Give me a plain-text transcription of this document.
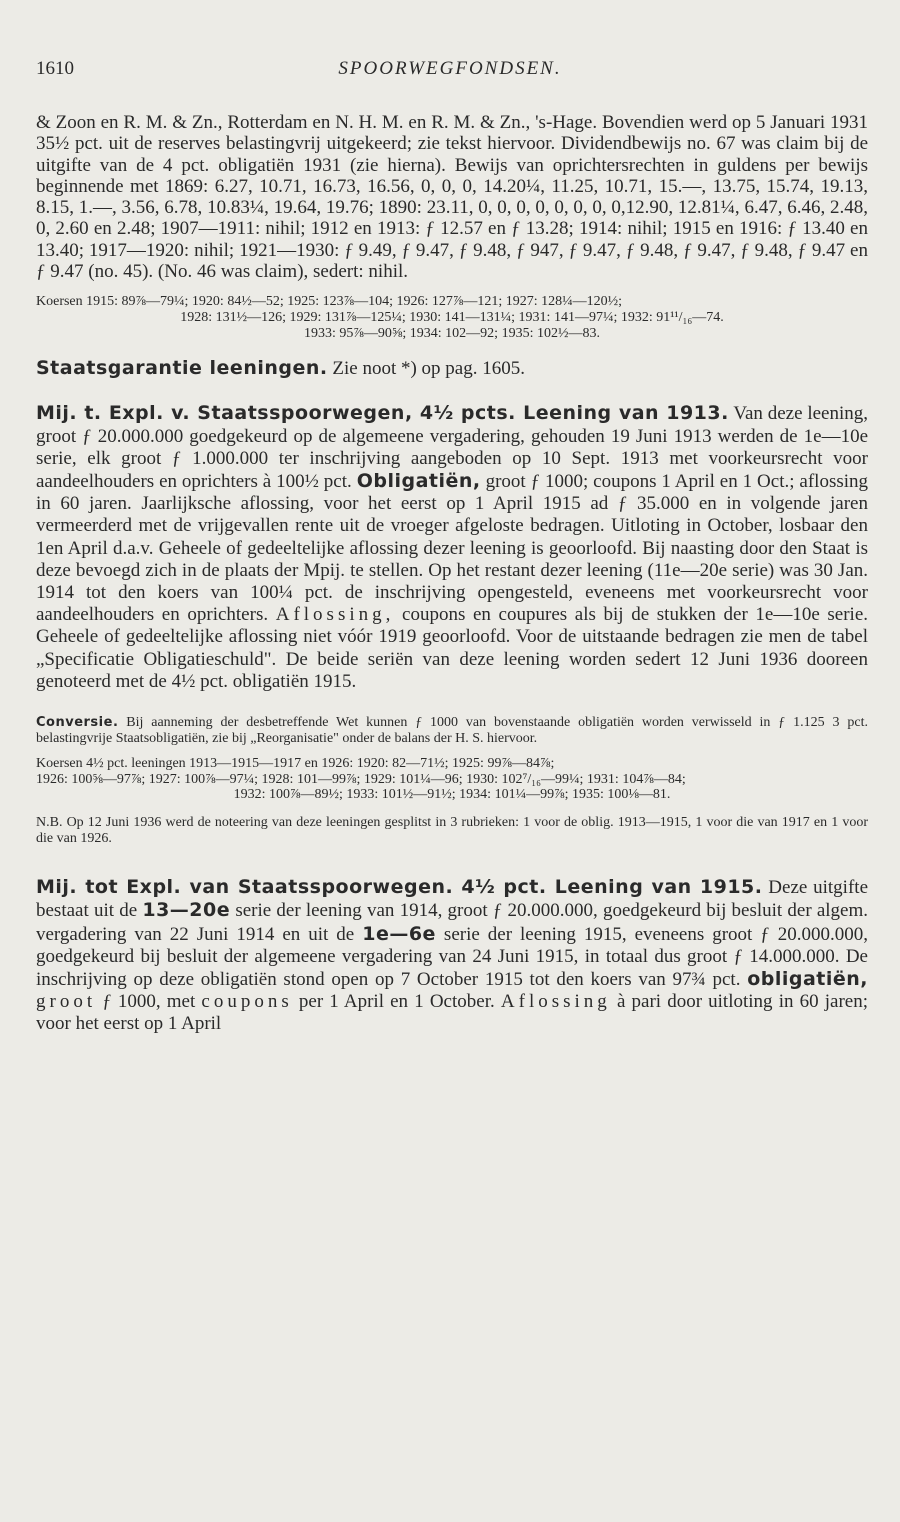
1610	SPOORWEGFONDSEN.

& Zoon en R. M. & Zn., Rotterdam en N. H. M. en R. M. & Zn., 's-Hage. Bovendien werd op 5 Januari 1931 35½ pct. uit de reserves belastingvrij uitgekeerd; zie tekst hiervoor. Dividendbewijs no. 67 was claim bij de uitgifte van de 4 pct. obligatiën 1931 (zie hierna). Bewijs van oprichtersrechten in guldens per bewijs beginnende met 1869: 6.27, 10.71, 16.73, 16.56, 0, 0, 0, 14.20¼, 11.25, 10.71, 15.—, 13.75, 15.74, 19.13, 8.15, 1.—, 3.56, 6.78, 10.83¼, 19.64, 19.76; 1890: 23.11, 0, 0, 0, 0, 0, 0, 0, 0,12.90, 12.81¼, 6.47, 6.46, 2.48, 0, 2.60 en 2.48; 1907—1911: nihil; 1912 en 1913: ƒ 12.57 en ƒ 13.28; 1914: nihil; 1915 en 1916: ƒ 13.40 en 13.40; 1917—1920: nihil; 1921—1930: ƒ 9.49, ƒ 9.47, ƒ 9.48, ƒ 947, ƒ 9.47, ƒ 9.48, ƒ 9.47, ƒ 9.48, ƒ 9.47 en ƒ 9.47 (no. 45). (No. 46 was claim), sedert: nihil.

Koersen 1915: 89⅞—79¼; 1920: 84½—52; 1925: 123⅞—104; 1926: 127⅞—121; 1927: 128¼—120½;

1928: 131½—126; 1929: 131⅞—125¼; 1930: 141—131¼; 1931: 141—97¼; 1932: 91¹¹/₁₆—74.

1933: 95⅞—90⅝; 1934: 102—92; 1935: 102½—83.

Staatsgarantie leeningen. Zie noot *) op pag. 1605.

Mij. t. Expl. v. Staatsspoorwegen, 4½ pcts. Leening van 1913. Van deze leening, groot ƒ 20.000.000 goedgekeurd op de algemeene vergadering, gehouden 19 Juni 1913 werden de 1e—10e serie, elk groot ƒ 1.000.000 ter inschrijving aangeboden op 10 Sept. 1913 met voorkeursrecht voor aandeelhouders en oprichters à 100½ pct. Obligatiën, groot ƒ 1000; coupons 1 April en 1 Oct.; aflossing in 60 jaren. Jaarlijksche aflossing, voor het eerst op 1 April 1915 ad ƒ 35.000 en in volgende jaren vermeerderd met de vrijgevallen rente uit de vroeger afgeloste bedragen. Uitloting in October, losbaar den 1en April d.a.v. Geheele of gedeeltelijke aflossing dezer leening is geoorloofd. Bij naasting door den Staat is deze bevoegd zich in de plaats der Mpij. te stellen. Op het restant dezer leening (11e—20e serie) was 30 Jan. 1914 tot den koers van 100¼ pct. de inschrijving opengesteld, eveneens met voorkeursrecht voor aandeelhouders en oprichters. Aflossing, coupons en coupures als bij de stukken der 1e—10e serie. Geheele of gedeeltelijke aflossing niet vóór 1919 geoorloofd. Voor de uitstaande bedragen zie men de tabel „Specificatie Obligatieschuld". De beide seriën van deze leening worden sedert 12 Juni 1936 dooreen genoteerd met de 4½ pct. obligatiën 1915.

Conversie. Bij aanneming der desbetreffende Wet kunnen ƒ 1000 van bovenstaande obligatiën worden verwisseld in ƒ 1.125 3 pct. belastingvrije Staatsobligatiën, zie bij „Reorganisatie" onder de balans der H. S. hiervoor.

Koersen 4½ pct. leeningen 1913—1915—1917 en 1926: 1920: 82—71½; 1925: 99⅞—84⅞;

1926: 100⅝—97⅞; 1927: 100⅞—97¼; 1928: 101—99⅞; 1929: 101¼—96; 1930: 102⁷/₁₆—99¼; 1931: 104⅞—84;

1932: 100⅞—89½; 1933: 101½—91½; 1934: 101¼—99⅞; 1935: 100⅛—81.

N.B. Op 12 Juni 1936 werd de noteering van deze leeningen gesplitst in 3 rubrieken: 1 voor de oblig. 1913—1915, 1 voor die van 1917 en 1 voor die van 1926.

Mij. tot Expl. van Staatsspoorwegen. 4½ pct. Leening van 1915. Deze uitgifte bestaat uit de 13—20e serie der leening van 1914, groot ƒ 20.000.000, goedgekeurd bij besluit der algem. vergadering van 22 Juni 1914 en uit de 1e—6e serie der leening 1915, eveneens groot ƒ 20.000.000, goedgekeurd bij besluit der algemeene vergadering van 24 Juni 1915, in totaal dus groot ƒ 14.000.000. De inschrijving op deze obligatiën stond open op 7 October 1915 tot den koers van 97¾ pct. obligatiën, groot ƒ 1000, met coupons per 1 April en 1 October. Aflossing à pari door uitloting in 60 jaren; voor het eerst op 1 April
